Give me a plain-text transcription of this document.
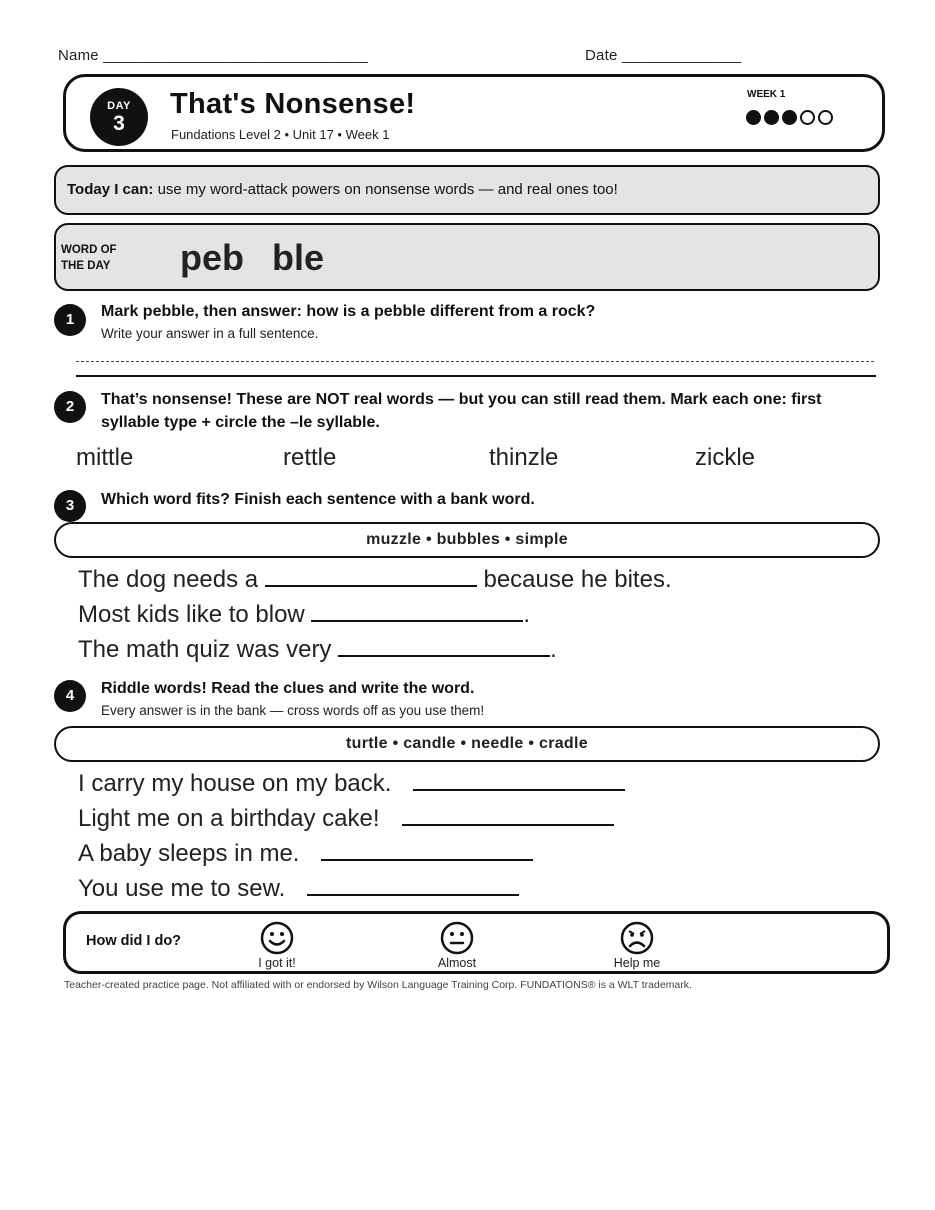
Name _______________________________	Date ______________
DAY
3
That's Nonsense!
Fundations Level 2 • Unit 17 • Week 1
WEEK 1
Today I can: use my word-attack powers on nonsense words — and real ones too!
WORD OF
THE DAY peb ble
1	Mark pebble, then answer: how is a pebble different from a rock?
Write your answer in a full sentence.
2	That’s nonsense! These are NOT real words — but you can still read them. Mark each one: first syllable type + circle the –le syllable.
mittle	rettle	thinzle	zickle
3	Which word fits? Finish each sentence with a bank word.
muzzle • bubbles • simple
The dog needs a	because he bites.
Most kids like to blow	.
The math quiz was very	.
4	Riddle words! Read the clues and write the word.
Every answer is in the bank — cross words off as you use them!
turtle • candle • needle • cradle
I carry my house on my back.
Light me on a birthday cake!
A baby sleeps in me.
You use me to sew.
How did I do?
I got it!	Almost	Help me
Teacher-created practice page. Not affiliated with or endorsed by Wilson Language Training Corp. FUNDATIONS® is a WLT trademark.
